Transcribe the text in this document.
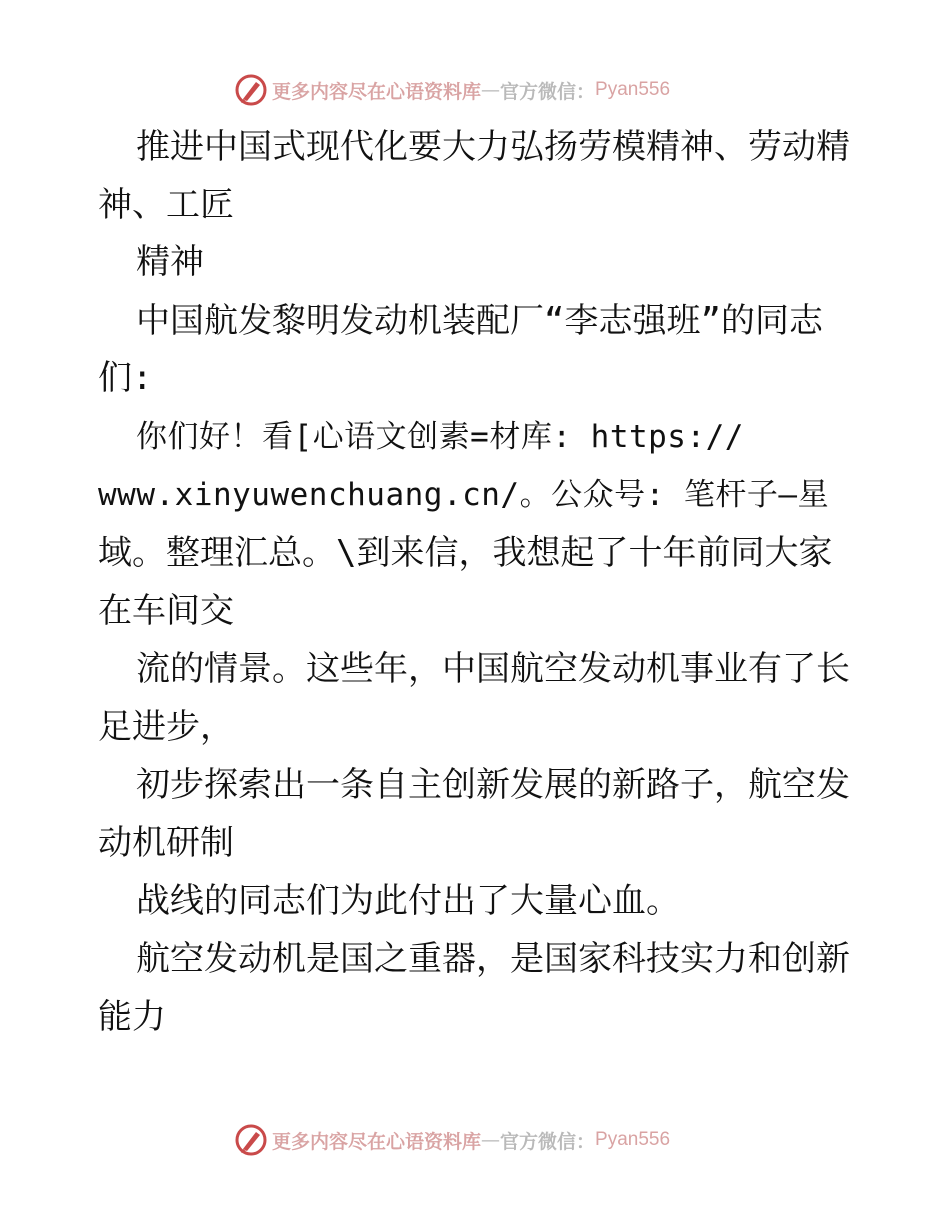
更多内容尽在心语资料库 — 官方微信： Pyan556
推进中国式现代化要大力弘扬劳模精神、劳动精
神、工匠
精神
中国航发黎明发动机装配厂“李志强班”的同志
们:
你们好！看[心语文创素=材库: https://
www.xinyuwenchuang.cn/。公众号: 笔杆子—星
域。整理汇总。\到来信，我想起了十年前同大家
在车间交
流的情景。这些年，中国航空发动机事业有了长
足进步，
初步探索出一条自主创新发展的新路子，航空发
动机研制
战线的同志们为此付出了大量心血。
航空发动机是国之重器，是国家科技实力和创新
能力
更多内容尽在心语资料库 — 官方微信： Pyan556
